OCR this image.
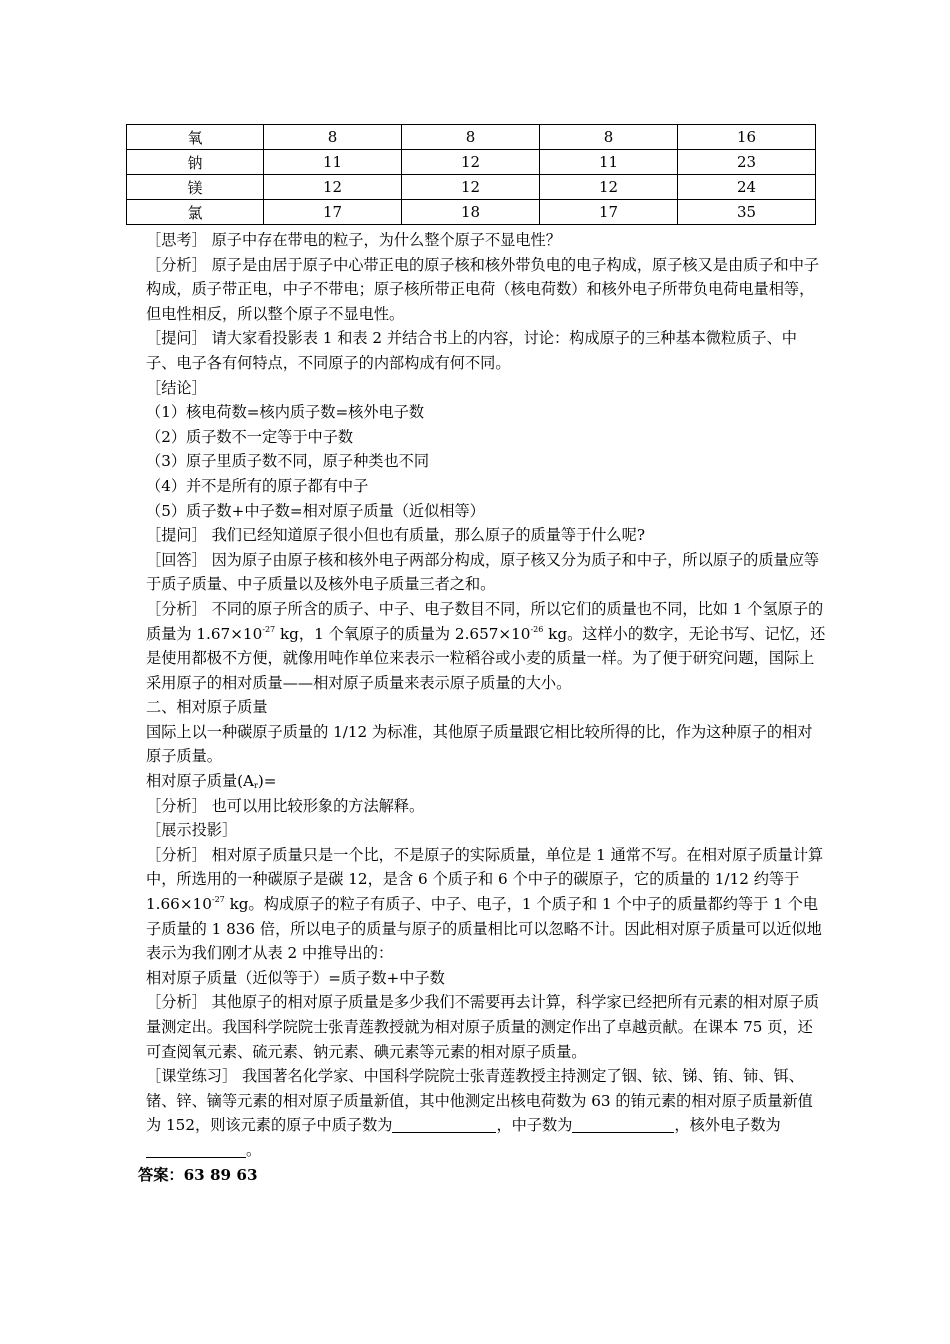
氧	8	8	8	16
钠	11	12	11	23
镁	12	12	12	24
氯	17	18	17	35

［思考］ 原子中存在带电的粒子，为什么整个原子不显电性？

［分析］ 原子是由居于原子中心带正电的原子核和核外带负电的电子构成，原子核又是由质子和中子构成，质子带正电，中子不带电；原子核所带正电荷（核电荷数）和核外电子所带负电荷电量相等，但电性相反，所以整个原子不显电性。

［提问］ 请大家看投影表 1 和表 2 并结合书上的内容，讨论：构成原子的三种基本微粒质子、中子、电子各有何特点，不同原子的内部构成有何不同。

［结论］

（1）核电荷数=核内质子数=核外电子数

（2）质子数不一定等于中子数

（3）原子里质子数不同，原子种类也不同

（4）并不是所有的原子都有中子

（5）质子数+中子数=相对原子质量（近似相等）

［提问］ 我们已经知道原子很小但也有质量，那么原子的质量等于什么呢?

［回答］ 因为原子由原子核和核外电子两部分构成，原子核又分为质子和中子，所以原子的质量应等于质子质量、中子质量以及核外电子质量三者之和。

［分析］ 不同的原子所含的质子、中子、电子数目不同，所以它们的质量也不同，比如 1 个氢原子的质量为 $1.67\times 10^{-27}$ kg，1 个氧原子的质量为 $2.657\times 10^{-26}$ kg。这样小的数字，无论书写、记忆，还是使用都极不方便，就像用吨作单位来表示一粒稻谷或小麦的质量一样。为了便于研究问题，国际上采用原子的相对质量——相对原子质量来表示原子质量的大小。

二、相对原子质量

国际上以一种碳原子质量的 1/12 为标准，其他原子质量跟它相比较所得的比，作为这种原子的相对原子质量。

相对原子质量$(A_r)=$

［分析］ 也可以用比较形象的方法解释。

［展示投影］

［分析］ 相对原子质量只是一个比，不是原子的实际质量，单位是 1 通常不写。在相对原子质量计算中，所选用的一种碳原子是碳 12，是含 6 个质子和 6 个中子的碳原子，它的质量的 1/12 约等于 $1.66\times 10^{-27}$ kg。构成原子的粒子有质子、中子、电子，1 个质子和 1 个中子的质量都约等于 1 个电子质量的 1 836 倍，所以电子的质量与原子的质量相比可以忽略不计。因此相对原子质量可以近似地表示为我们刚才从表 2 中推导出的：

相对原子质量（近似等于）=质子数+中子数

［分析］ 其他原子的相对原子质量是多少我们不需要再去计算，科学家已经把所有元素的相对原子质量测定出。我国科学院院士张青莲教授就为相对原子质量的测定作出了卓越贡献。在课本 75 页，还可查阅氧元素、硫元素、钠元素、碘元素等元素的相对原子质量。

［课堂练习］ 我国著名化学家、中国科学院院士张青莲教授主持测定了铟、铱、锑、铕、铈、铒、锗、锌、镝等元素的相对原子质量新值，其中他测定出核电荷数为 63 的铕元素的相对原子质量新值为 152，则该元素的原子中质子数为	，中子数为	，核外电子数为。

答案：63 89 63
